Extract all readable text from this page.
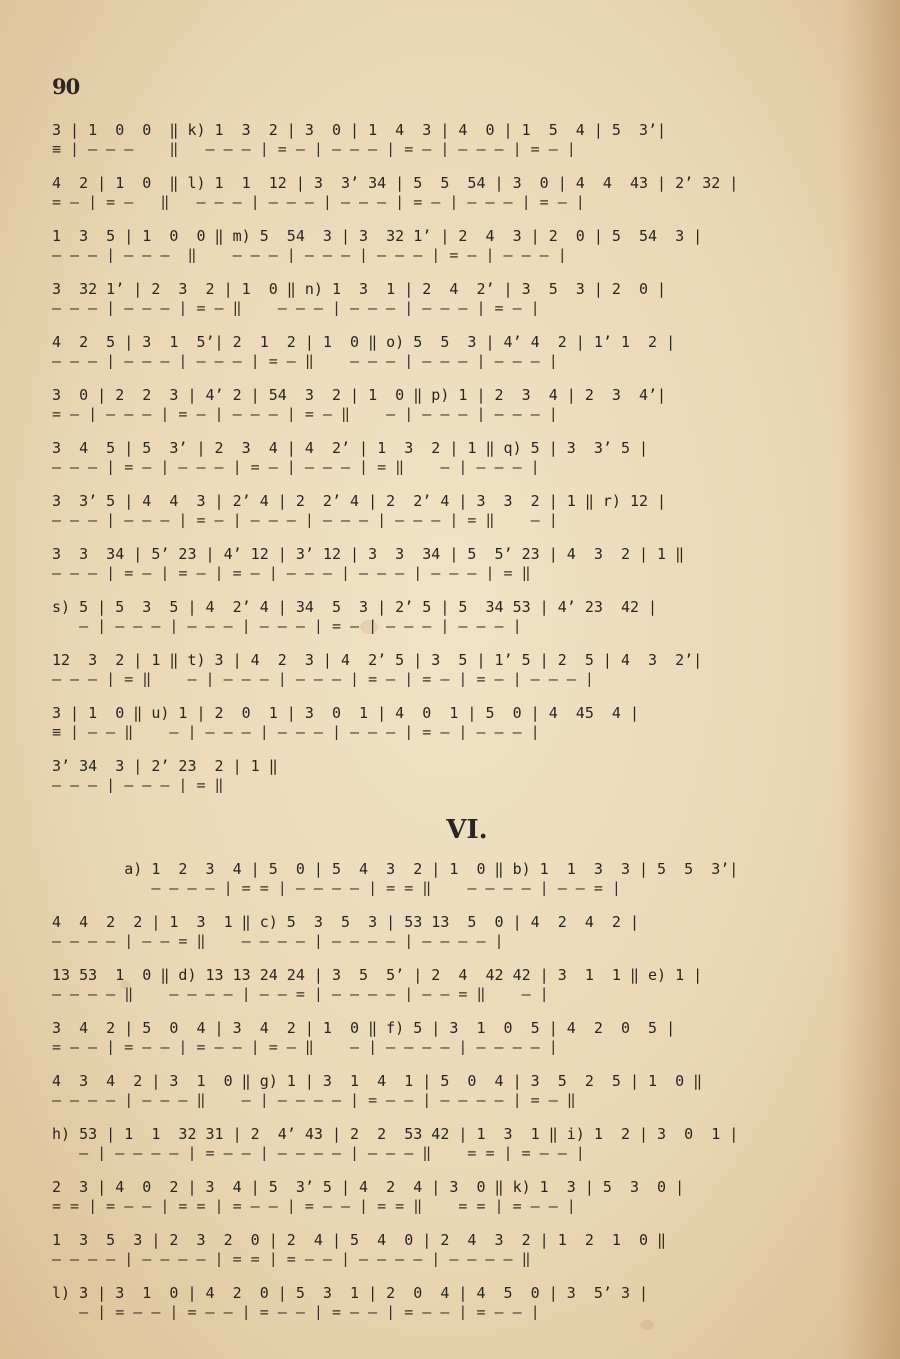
90
3 | 1  0  0  ‖ k) 1  3  2 | 3  0 | 1  4  3 | 4  0 | 1  5  4 | 5  3’|
≡ | — — —    ‖   — — — | = — | — — — | = — | — — — | = — |
4  2 | 1  0  ‖ l) 1  1  12 | 3  3’ 34 | 5  5  54 | 3  0 | 4  4  43 | 2’ 32 |
= — | = —   ‖   — — — | — — — | — — — | = — | — — — | = — |
1  3  5 | 1  0  0 ‖ m) 5  54  3 | 3  32 1’ | 2  4  3 | 2  0 | 5  54  3 |
— — — | — — —  ‖    — — — | — — — | — — — | = — | — — — |
3  32 1’ | 2  3  2 | 1  0 ‖ n) 1  3  1 | 2  4  2’ | 3  5  3 | 2  0 |
— — — | — — — | = — ‖    — — — | — — — | — — — | = — |
4  2  5 | 3  1  5’| 2  1  2 | 1  0 ‖ o) 5  5  3 | 4’ 4  2 | 1’ 1  2 |
— — — | — — — | — — — | = — ‖    — — — | — — — | — — — |
3  0 | 2  2  3 | 4’ 2 | 54  3  2 | 1  0 ‖ p) 1 | 2  3  4 | 2  3  4’|
= — | — — — | = — | — — — | = — ‖    — | — — — | — — — |
3  4  5 | 5  3’ | 2  3  4 | 4  2’ | 1  3  2 | 1 ‖ q) 5 | 3  3’ 5 |
— — — | = — | — — — | = — | — — — | = ‖    — | — — — |
3  3’ 5 | 4  4  3 | 2’ 4 | 2  2’ 4 | 2  2’ 4 | 3  3  2 | 1 ‖ r) 12 |
— — — | — — — | = — | — — — | — — — | — — — | = ‖    — |
3  3  34 | 5’ 23 | 4’ 12 | 3’ 12 | 3  3  34 | 5  5’ 23 | 4  3  2 | 1 ‖
— — — | = — | = — | = — | — — — | — — — | — — — | = ‖
s) 5 | 5  3  5 | 4  2’ 4 | 34  5  3 | 2’ 5 | 5  34 53 | 4’ 23  42 |
— | — — — | — — — | — — — | = — | — — — | — — — |
12  3  2 | 1 ‖ t) 3 | 4  2  3 | 4  2’ 5 | 3  5 | 1’ 5 | 2  5 | 4  3  2’|
— — — | = ‖    — | — — — | — — — | = — | = — | = — | — — — |
3 | 1  0 ‖ u) 1 | 2  0  1 | 3  0  1 | 4  0  1 | 5  0 | 4  45  4 |
≡ | — — ‖    — | — — — | — — — | — — — | = — | — — — |
3’ 34  3 | 2’ 23  2 | 1 ‖
— — — | — — — | = ‖
VI.
a) 1  2  3  4 | 5  0 | 5  4  3  2 | 1  0 ‖ b) 1  1  3  3 | 5  5  3’|
— — — — | = = | — — — — | = = ‖    — — — — | — — = |
4  4  2  2 | 1  3  1 ‖ c) 5  3  5  3 | 53 13  5  0 | 4  2  4  2 |
— — — — | — — = ‖    — — — — | — — — — | — — — — |
13 53  1  0 ‖ d) 13 13 24 24 | 3  5  5’ | 2  4  42 42 | 3  1  1 ‖ e) 1 |
— — — — ‖    — — — — | — — = | — — — — | — — = ‖    — |
3  4  2 | 5  0  4 | 3  4  2 | 1  0 ‖ f) 5 | 3  1  0  5 | 4  2  0  5 |
= — — | = — — | = — — | = — ‖    — | — — — — | — — — — |
4  3  4  2 | 3  1  0 ‖ g) 1 | 3  1  4  1 | 5  0  4 | 3  5  2  5 | 1  0 ‖
— — — — | — — — ‖    — | — — — — | = — — | — — — — | = — ‖
h) 53 | 1  1  32 31 | 2  4’ 43 | 2  2  53 42 | 1  3  1 ‖ i) 1  2 | 3  0  1 |
— | — — — — | = — — | — — — — | — — — ‖    = = | = — — |
2  3 | 4  0  2 | 3  4 | 5  3’ 5 | 4  2  4 | 3  0 ‖ k) 1  3 | 5  3  0 |
= = | = — — | = = | = — — | = — — | = = ‖    = = | = — — |
1  3  5  3 | 2  3  2  0 | 2  4 | 5  4  0 | 2  4  3  2 | 1  2  1  0 ‖
— — — — | — — — — | = = | = — — | — — — — | — — — — ‖
l) 3 | 3  1  0 | 4  2  0 | 5  3  1 | 2  0  4 | 4  5  0 | 3  5’ 3 |
— | = — — | = — — | = — — | = — — | = — — | = — — |
